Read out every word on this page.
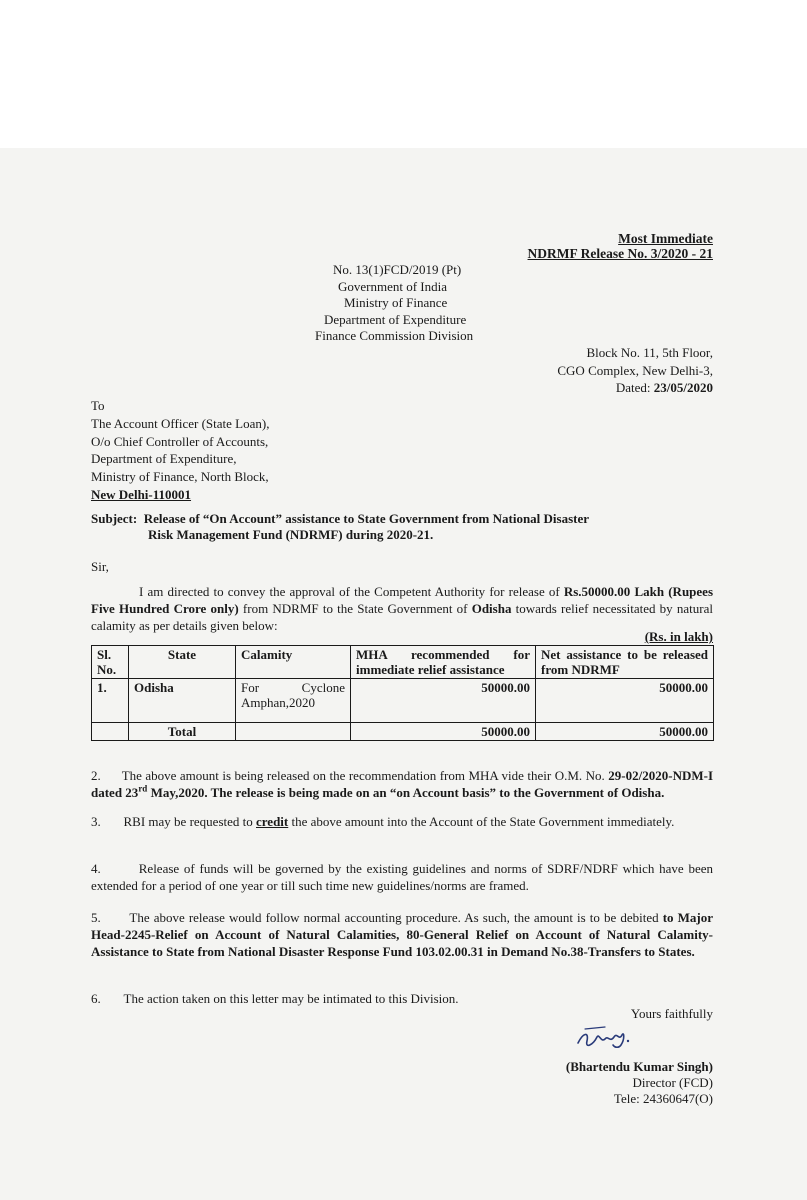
Most Immediate
NDRMF Release No. 3/2020 - 21
No. 13(1)FCD/2019 (Pt)
Government of India
Ministry of Finance
Department of Expenditure
Finance Commission Division
Block No. 11, 5th Floor,
CGO Complex, New Delhi-3,
Dated: 23/05/2020
To
The Account Officer (State Loan),
O/o Chief Controller of Accounts,
Department of Expenditure,
Ministry of Finance, North Block,
New Delhi-110001
Subject: Release of “On Account” assistance to State Government from National Disaster
Risk Management Fund (NDRMF) during 2020-21.
Sir,
I am directed to convey the approval of the Competent Authority for release of Rs.50000.00 Lakh (Rupees Five Hundred Crore only) from NDRMF to the State Government of Odisha towards relief necessitated by natural calamity as per details given below:
(Rs. in lakh)
Sl. No.	State	Calamity	MHA recommended for immediate relief assistance	Net assistance to be released from NDRMF
1.	Odisha	For Cyclone Amphan,2020	50000.00	50000.00
	Total		50000.00	50000.00
2. The above amount is being released on the recommendation from MHA vide their O.M. No. 29-02/2020-NDM-I dated 23rd May,2020. The release is being made on an “on Account basis” to the Government of Odisha.
3. RBI may be requested to credit the above amount into the Account of the State Government immediately.
4.	Release of funds will be governed by the existing guidelines and norms of SDRF/NDRF which have been extended for a period of one year or till such time new guidelines/norms are framed.
5. The above release would follow normal accounting procedure. As such, the amount is to be debited to Major Head-2245-Relief on Account of Natural Calamities, 80-General Relief on Account of Natural Calamity-Assistance to State from National Disaster Response Fund 103.02.00.31 in Demand No.38-Transfers to States.
6. The action taken on this letter may be intimated to this Division.
Yours faithfully
(Bhartendu Kumar Singh)
Director (FCD)
Tele: 24360647(O)
